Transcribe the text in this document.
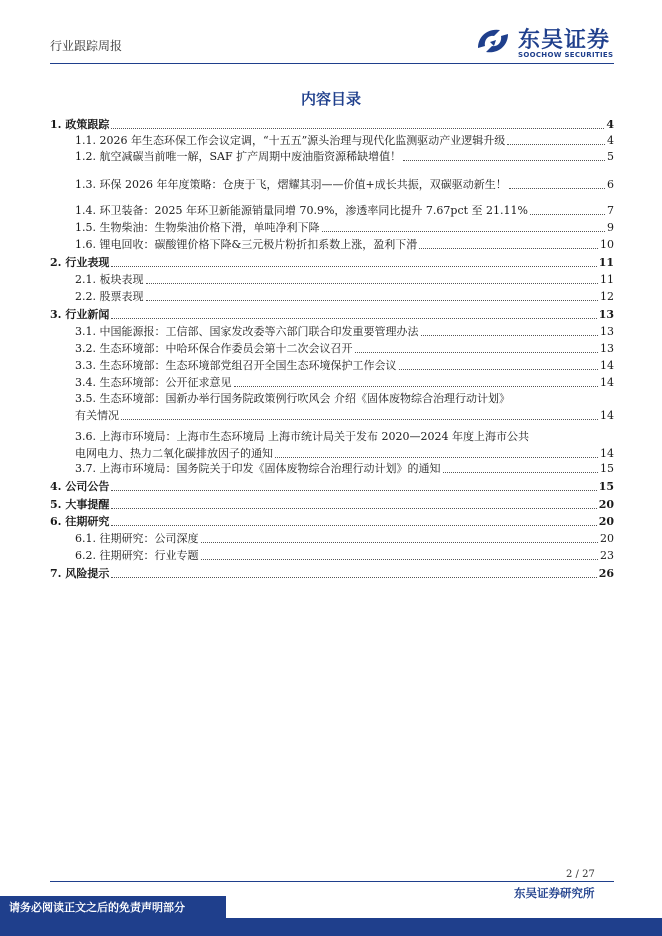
行业跟踪周报	东吴证券
SOOCHOW SECURITIES
内容目录
1. 政策跟踪	4
1.1. 2026 年生态环保工作会议定调，“十五五”源头治理与现代化监测驱动产业逻辑升级	4
1.2. 航空减碳当前唯一解，SAF 扩产周期中废油脂资源稀缺增值！	5
1.3. 环保 2026 年年度策略：仓庚于飞，熠耀其羽——价值+成长共振，双碳驱动新生！	6
1.4. 环卫装备：2025 年环卫新能源销量同增 70.9%，渗透率同比提升 7.67pct 至 21.11%	7
1.5. 生物柴油：生物柴油价格下滑，单吨净利下降	9
1.6. 锂电回收：碳酸锂价格下降&三元极片粉折扣系数上涨，盈利下滑	10
2. 行业表现	11
2.1. 板块表现	11
2.2. 股票表现	12
3. 行业新闻	13
3.1. 中国能源报：工信部、国家发改委等六部门联合印发重要管理办法	13
3.2. 生态环境部：中哈环保合作委员会第十二次会议召开	13
3.3. 生态环境部：生态环境部党组召开全国生态环境保护工作会议	14
3.4. 生态环境部：公开征求意见	14
3.5. 生态环境部：国新办举行国务院政策例行吹风会 介绍《固体废物综合治理行动计划》
有关情况	14
3.6. 上海市环境局：上海市生态环境局 上海市统计局关于发布 2020—2024 年度上海市公共
电网电力、热力二氧化碳排放因子的通知	14
3.7. 上海市环境局：国务院关于印发《固体废物综合治理行动计划》的通知	15
4. 公司公告	15
5. 大事提醒	20
6. 往期研究	20
6.1. 往期研究：公司深度	20
6.2. 往期研究：行业专题	23
7. 风险提示	26
2 / 27
东吴证券研究所
请务必阅读正文之后的免责声明部分
